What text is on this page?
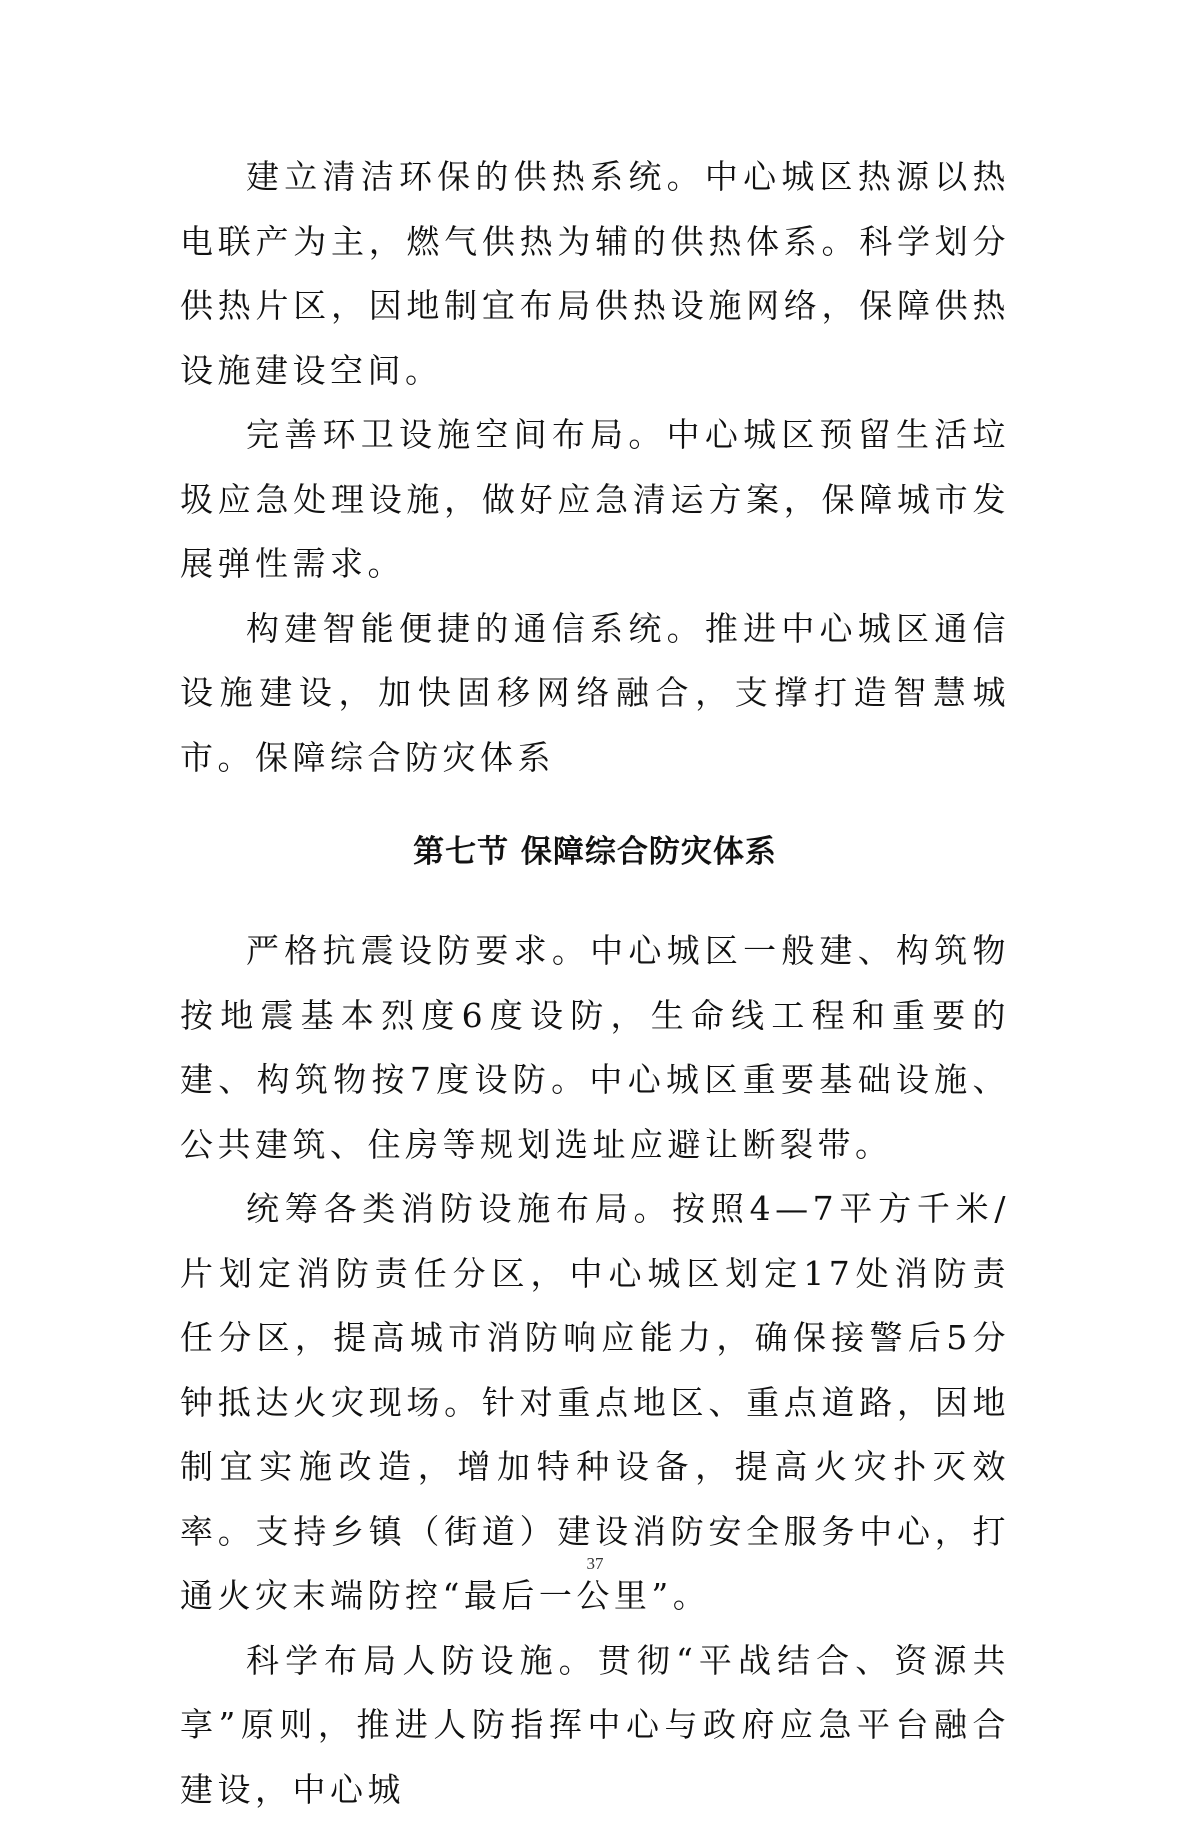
建立清洁环保的供热系统。中心城区热源以热电联产为主，燃气供热为辅的供热体系。科学划分供热片区，因地制宜布局供热设施网络，保障供热设施建设空间。

完善环卫设施空间布局。中心城区预留生活垃圾应急处理设施，做好应急清运方案，保障城市发展弹性需求。

构建智能便捷的通信系统。推进中心城区通信设施建设，加快固移网络融合，支撑打造智慧城市。保障综合防灾体系

第七节 保障综合防灾体系

严格抗震设防要求。中心城区一般建、构筑物按地震基本烈度6度设防，生命线工程和重要的建、构筑物按7度设防。中心城区重要基础设施、公共建筑、住房等规划选址应避让断裂带。

统筹各类消防设施布局。按照4—7平方千米/片划定消防责任分区，中心城区划定17处消防责任分区，提高城市消防响应能力，确保接警后5分钟抵达火灾现场。针对重点地区、重点道路，因地制宜实施改造，增加特种设备，提高火灾扑灭效率。支持乡镇（街道）建设消防安全服务中心，打通火灾末端防控“最后一公里”。

科学布局人防设施。贯彻“平战结合、资源共享”原则，推进人防指挥中心与政府应急平台融合建设，中心城

37
